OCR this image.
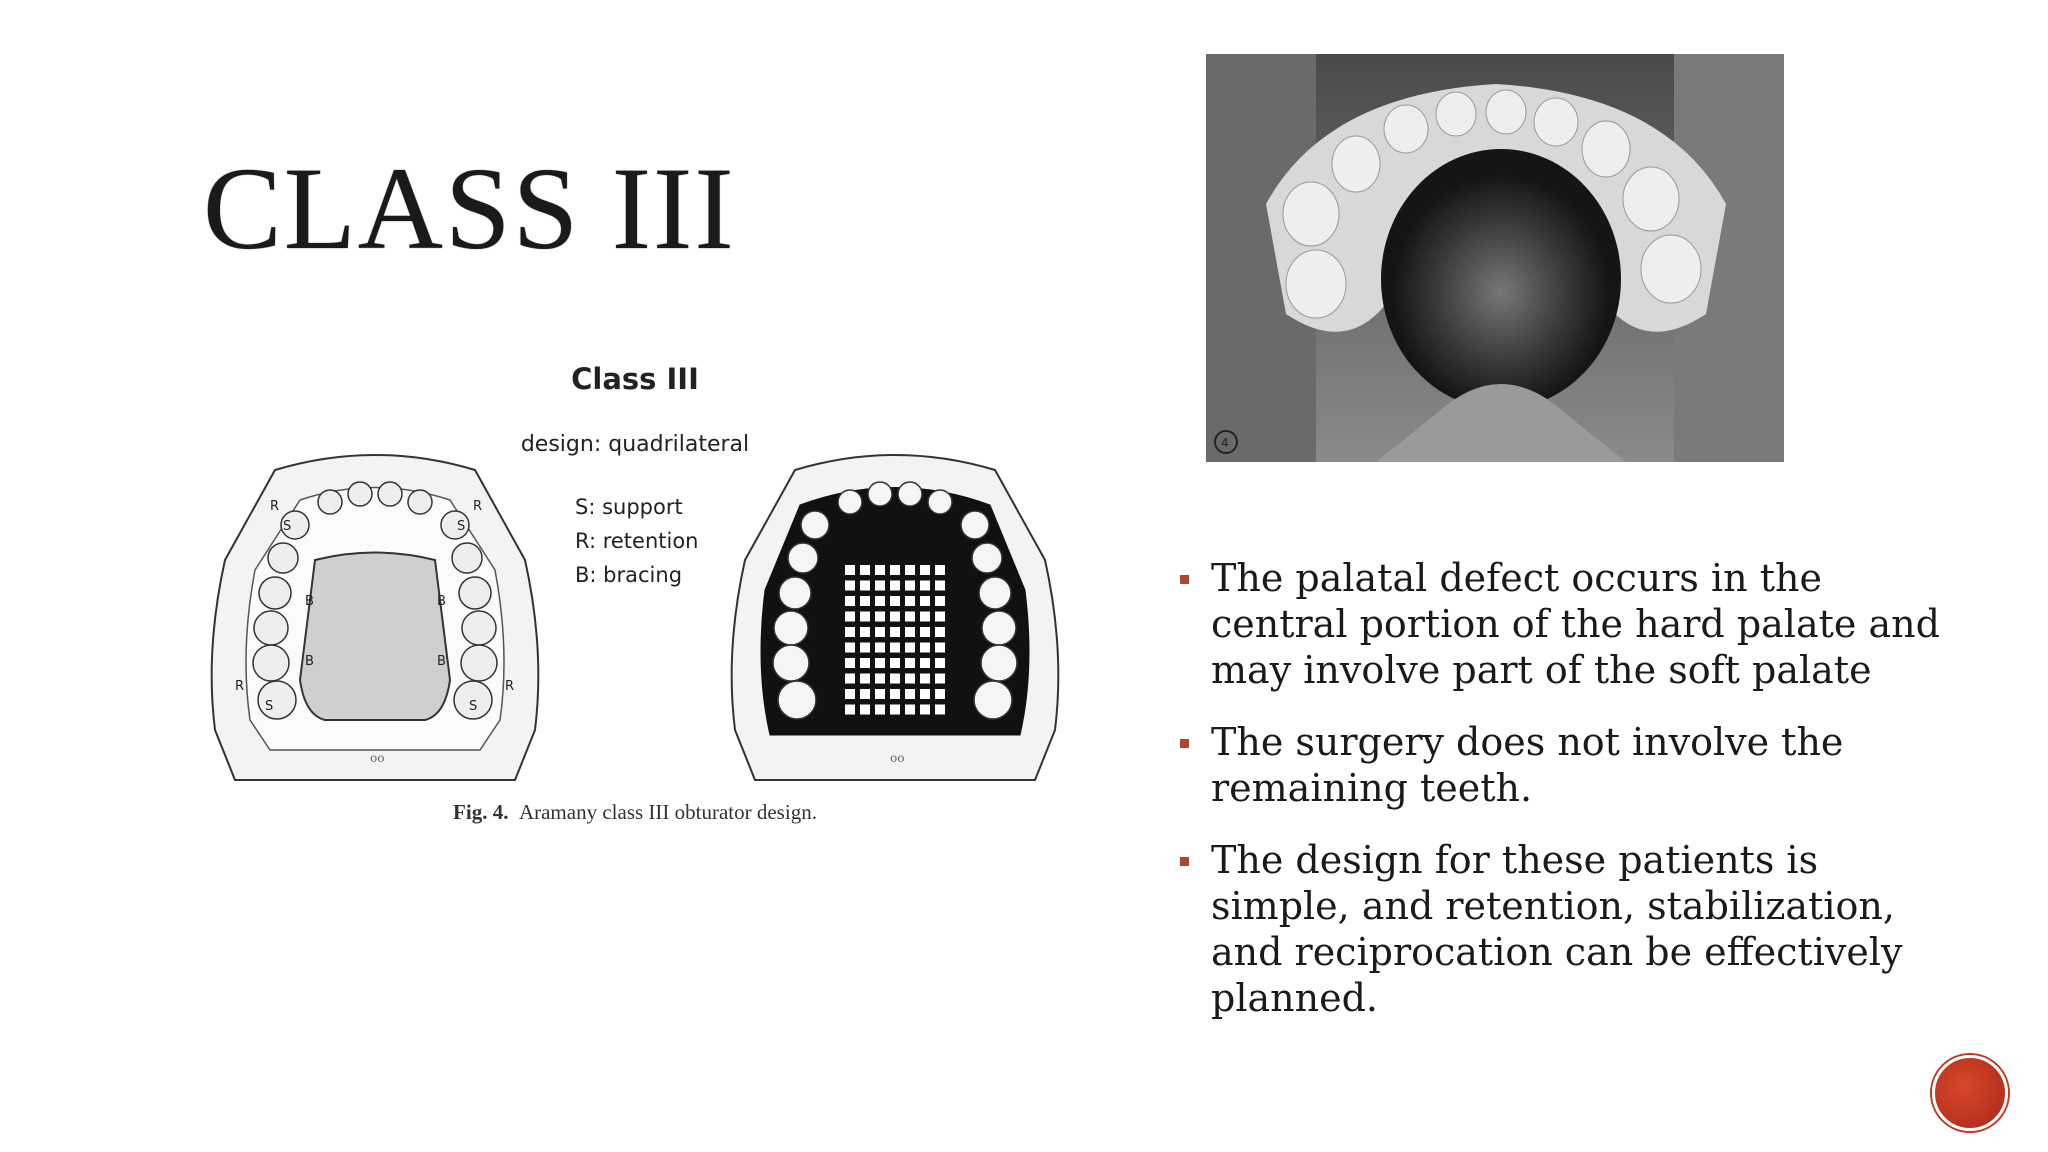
CLASS III
Class III
design: quadrilateral
S	S
R	R
B	B
B	B
S	S
R	R
oo	oo
S: support
R: retention
B: bracing
Fig. 4. Aramany class III obturator design.
4
The palatal defect occurs in the central portion of the hard palate and may involve part of the soft palate
The surgery does not involve the remaining teeth.
The design for these patients is simple, and retention, stabilization, and reciprocation can be effectively planned.
